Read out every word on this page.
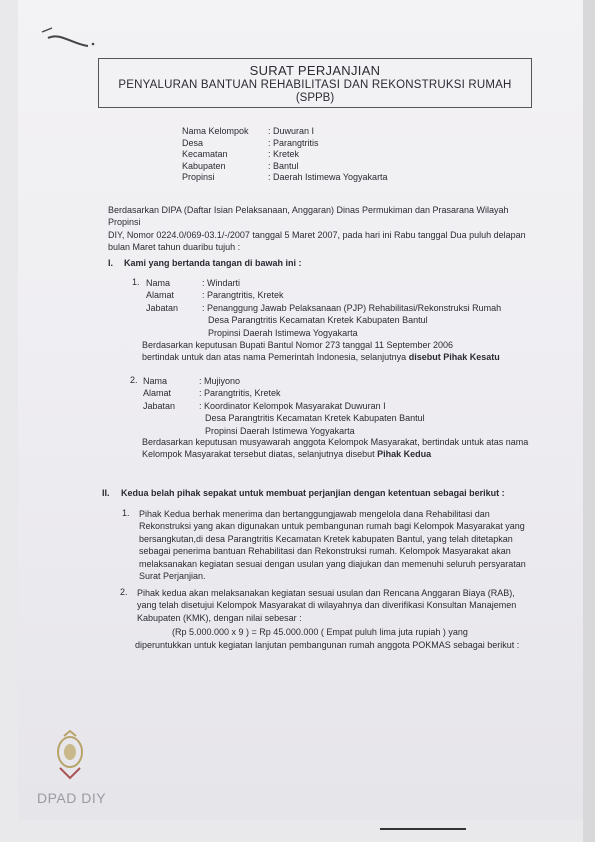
SURAT PERJANJIAN
PENYALURAN BANTUAN REHABILITASI DAN REKONSTRUKSI RUMAH
(SPPB)
Nama Kelompok	: Duwuran I
Desa	: Parangtritis
Kecamatan	: Kretek
Kabupaten	: Bantul
Propinsi	: Daerah Istimewa Yogyakarta
Berdasarkan DIPA (Daftar Isian Pelaksanaan, Anggaran) Dinas Permukiman dan Prasarana Wilayah Propinsi
DIY, Nomor 0224.0/069-03.1/-/2007 tanggal 5 Maret 2007, pada hari ini Rabu tanggal Dua puluh delapan
bulan Maret tahun duaribu tujuh :
I. Kami yang bertanda tangan di bawah ini :
1. Nama	: Windarti
Alamat	: Parangtritis, Kretek
Jabatan	: Penanggung Jawab Pelaksanaan (PJP) Rehabilitasi/Rekonstruksi Rumah
Desa Parangtritis Kecamatan Kretek Kabupaten Bantul
Propinsi Daerah Istimewa Yogyakarta
Berdasarkan keputusan Bupati Bantul Nomor 273 tanggal 11 September 2006
bertindak untuk dan atas nama Pemerintah Indonesia, selanjutnya disebut Pihak Kesatu
2. Nama	: Mujiyono
Alamat	: Parangtritis, Kretek
Jabatan	: Koordinator Kelompok Masyarakat Duwuran I
Desa Parangtritis Kecamatan Kretek Kabupaten Bantul
Propinsi Daerah Istimewa Yogyakarta
Berdasarkan keputusan musyawarah anggota Kelompok Masyarakat, bertindak untuk atas nama
Kelompok Masyarakat tersebut diatas, selanjutnya disebut Pihak Kedua
II. Kedua belah pihak sepakat untuk membuat perjanjian dengan ketentuan sebagai berikut :
1. Pihak Kedua berhak menerima dan bertanggungjawab mengelola dana Rehabilitasi dan
Rekonstruksi yang akan digunakan untuk pembangunan rumah bagi Kelompok Masyarakat yang
bersangkutan,di desa Parangtritis Kecamatan Kretek kabupaten Bantul, yang telah ditetapkan
sebagai penerima bantuan Rehabilitasi dan Rekonstruksi rumah. Kelompok Masyarakat akan
melaksanakan kegiatan sesuai dengan usulan yang diajukan dan memenuhi seluruh persyaratan
Surat Perjanjian.
2. Pihak kedua akan melaksanakan kegiatan sesuai usulan dan Rencana Anggaran Biaya (RAB),
yang telah disetujui Kelompok Masyarakat di wilayahnya dan diverifikasi Konsultan Manajemen
Kabupaten (KMK), dengan nilai sebesar :
(Rp 5.000.000 x 9 ) = Rp 45.000.000 ( Empat puluh lima juta rupiah ) yang
diperuntukkan untuk kegiatan lanjutan pembangunan rumah anggota POKMAS sebagai berikut :
DPAD DIY
